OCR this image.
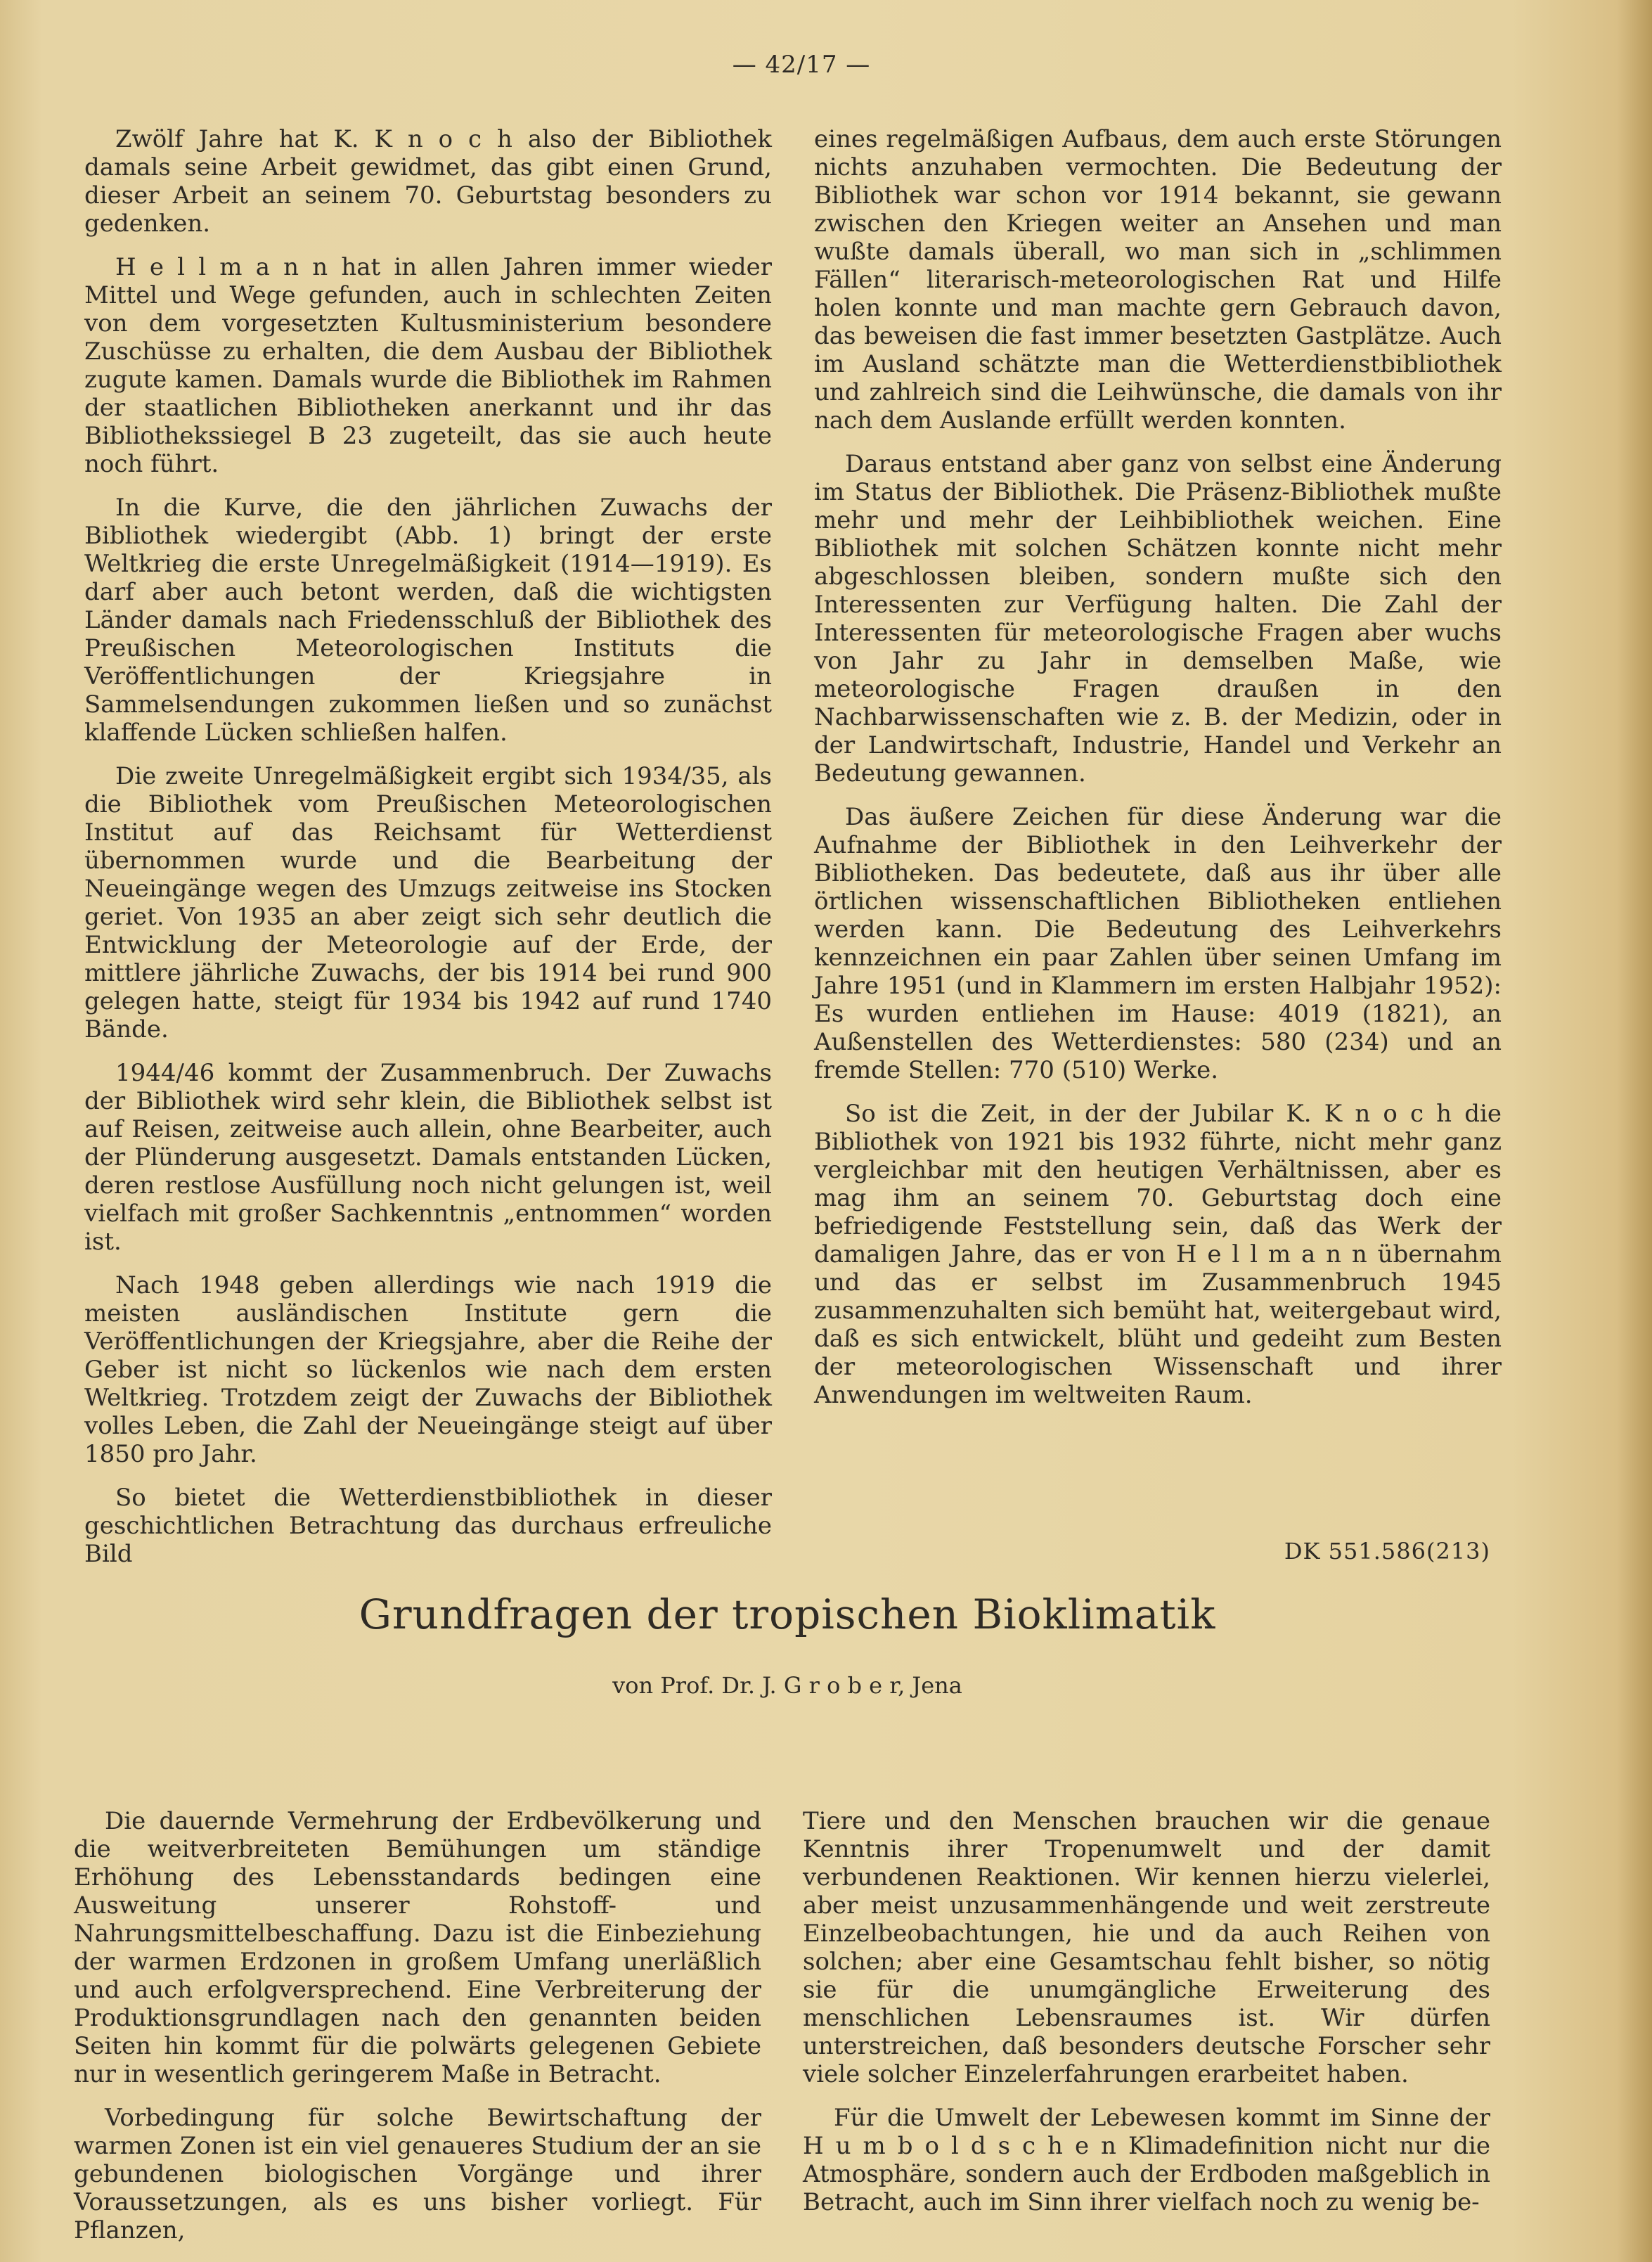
— 42/17 —

Zwölf Jahre hat K. K n o c h also der Bibliothek damals seine Arbeit gewidmet, das gibt einen Grund, dieser Arbeit an seinem 70. Geburtstag besonders zu gedenken.

H e l l m a n n hat in allen Jahren immer wieder Mittel und Wege gefunden, auch in schlechten Zeiten von dem vorgesetzten Kultusministerium besondere Zuschüsse zu erhalten, die dem Ausbau der Bibliothek zugute kamen. Damals wurde die Bibliothek im Rahmen der staatlichen Bibliotheken anerkannt und ihr das Bibliothekssiegel B 23 zugeteilt, das sie auch heute noch führt.

In die Kurve, die den jährlichen Zuwachs der Bibliothek wiedergibt (Abb. 1) bringt der erste Weltkrieg die erste Unregelmäßigkeit (1914—1919). Es darf aber auch betont werden, daß die wichtigsten Länder damals nach Friedensschluß der Bibliothek des Preußischen Meteorologischen Instituts die Veröffentlichungen der Kriegsjahre in Sammelsendungen zukommen ließen und so zunächst klaffende Lücken schließen halfen.

Die zweite Unregelmäßigkeit ergibt sich 1934/35, als die Bibliothek vom Preußischen Meteorologischen Institut auf das Reichsamt für Wetterdienst übernommen wurde und die Bearbeitung der Neueingänge wegen des Umzugs zeitweise ins Stocken geriet. Von 1935 an aber zeigt sich sehr deutlich die Entwicklung der Meteorologie auf der Erde, der mittlere jährliche Zuwachs, der bis 1914 bei rund 900 gelegen hatte, steigt für 1934 bis 1942 auf rund 1740 Bände.

1944/46 kommt der Zusammenbruch. Der Zuwachs der Bibliothek wird sehr klein, die Bibliothek selbst ist auf Reisen, zeitweise auch allein, ohne Bearbeiter, auch der Plünderung ausgesetzt. Damals entstanden Lücken, deren restlose Ausfüllung noch nicht gelungen ist, weil vielfach mit großer Sachkenntnis „entnommen“ worden ist.

Nach 1948 geben allerdings wie nach 1919 die meisten ausländischen Institute gern die Veröffentlichungen der Kriegsjahre, aber die Reihe der Geber ist nicht so lückenlos wie nach dem ersten Weltkrieg. Trotzdem zeigt der Zuwachs der Bibliothek volles Leben, die Zahl der Neueingänge steigt auf über 1850 pro Jahr.

So bietet die Wetterdienstbibliothek in dieser geschichtlichen Betrachtung das durchaus erfreuliche Bild

eines regelmäßigen Aufbaus, dem auch erste Störungen nichts anzuhaben vermochten. Die Bedeutung der Bibliothek war schon vor 1914 bekannt, sie gewann zwischen den Kriegen weiter an Ansehen und man wußte damals überall, wo man sich in „schlimmen Fällen“ literarisch-meteorologischen Rat und Hilfe holen konnte und man machte gern Gebrauch davon, das beweisen die fast immer besetzten Gastplätze. Auch im Ausland schätzte man die Wetterdienstbibliothek und zahlreich sind die Leihwünsche, die damals von ihr nach dem Auslande erfüllt werden konnten.

Daraus entstand aber ganz von selbst eine Änderung im Status der Bibliothek. Die Präsenz-Bibliothek mußte mehr und mehr der Leihbibliothek weichen. Eine Bibliothek mit solchen Schätzen konnte nicht mehr abgeschlossen bleiben, sondern mußte sich den Interessenten zur Verfügung halten. Die Zahl der Interessenten für meteorologische Fragen aber wuchs von Jahr zu Jahr in demselben Maße, wie meteorologische Fragen draußen in den Nachbarwissenschaften wie z. B. der Medizin, oder in der Landwirtschaft, Industrie, Handel und Verkehr an Bedeutung gewannen.

Das äußere Zeichen für diese Änderung war die Aufnahme der Bibliothek in den Leihverkehr der Bibliotheken. Das bedeutete, daß aus ihr über alle örtlichen wissenschaftlichen Bibliotheken entliehen werden kann. Die Bedeutung des Leihverkehrs kennzeichnen ein paar Zahlen über seinen Umfang im Jahre 1951 (und in Klammern im ersten Halbjahr 1952): Es wurden entliehen im Hause: 4019 (1821), an Außenstellen des Wetterdienstes: 580 (234) und an fremde Stellen: 770 (510) Werke.

So ist die Zeit, in der der Jubilar K. K n o c h die Bibliothek von 1921 bis 1932 führte, nicht mehr ganz vergleichbar mit den heutigen Verhältnissen, aber es mag ihm an seinem 70. Geburtstag doch eine befriedigende Feststellung sein, daß das Werk der damaligen Jahre, das er von H e l l m a n n übernahm und das er selbst im Zusammenbruch 1945 zusammenzuhalten sich bemüht hat, weitergebaut wird, daß es sich entwickelt, blüht und gedeiht zum Besten der meteorologischen Wissenschaft und ihrer Anwendungen im weltweiten Raum.

DK 551.586(213)
Grundfragen der tropischen Bioklimatik
von Prof. Dr. J. G r o b e r, Jena

Die dauernde Vermehrung der Erdbevölkerung und die weitverbreiteten Bemühungen um ständige Erhöhung des Lebensstandards bedingen eine Ausweitung unserer Rohstoff- und Nahrungsmittelbeschaffung. Dazu ist die Einbeziehung der warmen Erdzonen in großem Umfang unerläßlich und auch erfolgversprechend. Eine Verbreiterung der Produktionsgrundlagen nach den genannten beiden Seiten hin kommt für die polwärts gelegenen Gebiete nur in wesentlich geringerem Maße in Betracht.

Vorbedingung für solche Bewirtschaftung der warmen Zonen ist ein viel genaueres Studium der an sie gebundenen biologischen Vorgänge und ihrer Voraussetzungen, als es uns bisher vorliegt. Für Pflanzen,

Tiere und den Menschen brauchen wir die genaue Kenntnis ihrer Tropenumwelt und der damit verbundenen Reaktionen. Wir kennen hierzu vielerlei, aber meist unzusammenhängende und weit zerstreute Einzelbeobachtungen, hie und da auch Reihen von solchen; aber eine Gesamtschau fehlt bisher, so nötig sie für die unumgängliche Erweiterung des menschlichen Lebensraumes ist. Wir dürfen unterstreichen, daß besonders deutsche Forscher sehr viele solcher Einzelerfahrungen erarbeitet haben.

Für die Umwelt der Lebewesen kommt im Sinne der H u m b o l d s c h e n Klimadefinition nicht nur die Atmosphäre, sondern auch der Erdboden maßgeblich in Betracht, auch im Sinn ihrer vielfach noch zu wenig be-
